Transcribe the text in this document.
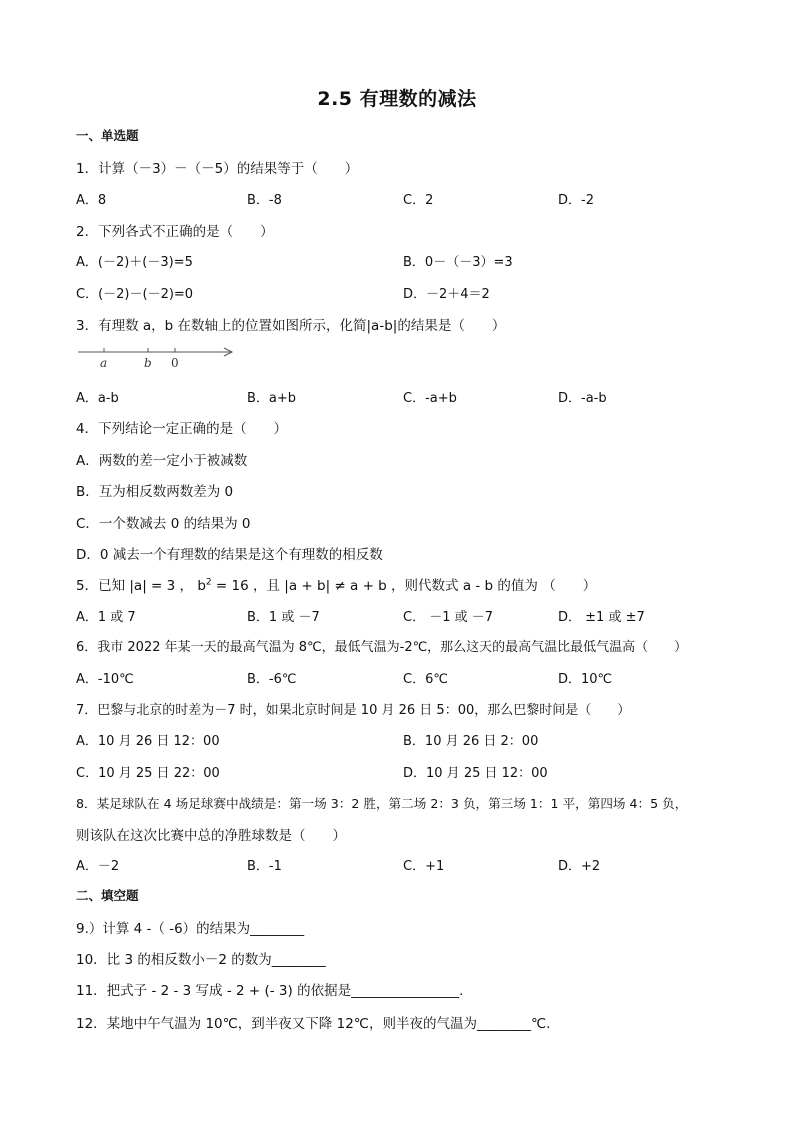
2.5 有理数的减法
一、单选题
1．计算（－3）－（－5）的结果等于（　　）
A．8	B．-8	C．2	D．-2
2．下列各式不正确的是（　　）
A．(－2)＋(－3)=5	B．0－（－3）=3
C．(－2)－(－2)=0	D．－2＋4＝2
3．有理数 a，b 在数轴上的位置如图所示，化简|a-b|的结果是（　　）
a	b 0
A．a-b	B．a+b	C．-a+b	D．-a-b
4．下列结论一定正确的是（　　）
A．两数的差一定小于被减数
B．互为相反数两数差为 0
C．一个数减去 0 的结果为 0
D．0 减去一个有理数的结果是这个有理数的相反数
5．已知 |a| = 3 ， $b^2 = 16$ ，且 |a + b| ≠ a + b ，则代数式 a - b 的值为 （　　）
A．1 或 7	B．1 或 －7	C． －1 或 －7	D． ±1 或 ±7
6．我市 2022 年某一天的最高气温为 8℃，最低气温为-2℃，那么这天的最高气温比最低气温高（　　）
A．-10℃	B．-6℃	C．6℃	D．10℃
7．巴黎与北京的时差为－7 时，如果北京时间是 10 月 26 日 5：00，那么巴黎时间是（　　）
A．10 月 26 日 12：00	B．10 月 26 日 2：00
C．10 月 25 日 22：00	D．10 月 25 日 12：00
8．某足球队在 4 场足球赛中战绩是：第一场 3：2 胜，第二场 2：3 负，第三场 1：1 平，第四场 4：5 负，
则该队在这次比赛中总的净胜球数是（　　）
A．－2	B．-1	C．+1	D．+2
二、填空题
9.）计算 4 -（ -6）的结果为________
10．比 3 的相反数小－2 的数为________
11．把式子 - 2 - 3 写成 - 2 + (- 3) 的依据是________________.
12．某地中午气温为 10℃，到半夜又下降 12℃，则半夜的气温为________℃.
